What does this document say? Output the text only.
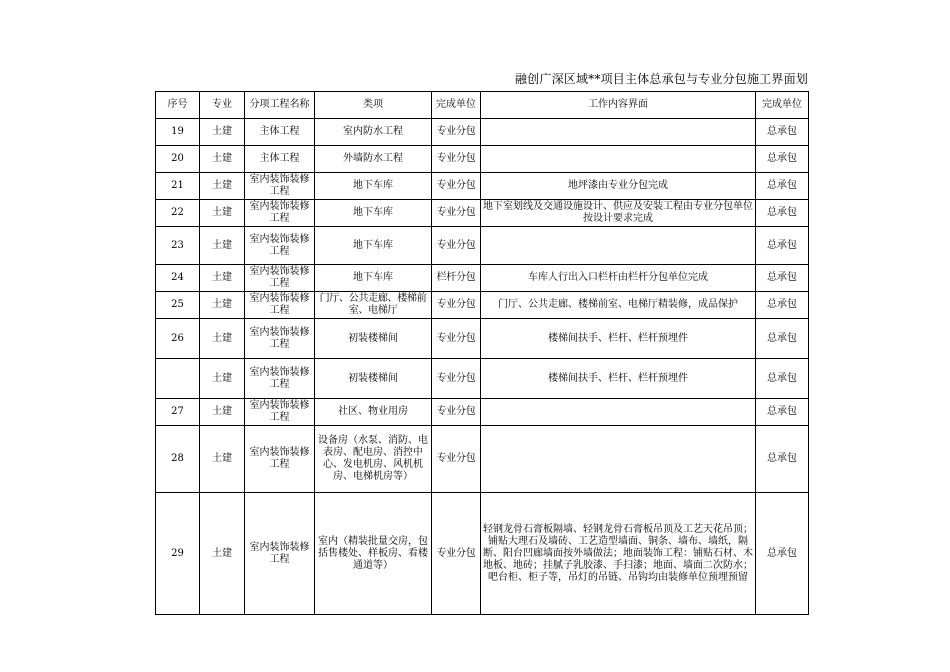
融创广深区域**项目主体总承包与专业分包施工界面划
序号	专业	分项工程名称	类项	完成单位	工作内容界面	完成单位
19	土建	主体工程	室内防水工程	专业分包		总承包
20	土建	主体工程	外墙防水工程	专业分包		总承包
21	土建	室内装饰装修工程	地下车库	专业分包	地坪漆由专业分包完成	总承包
22	土建	室内装饰装修工程	地下车库	专业分包	地下室划线及交通设施设计、供应及安装工程由专业分包单位按设计要求完成	总承包
23	土建	室内装饰装修工程	地下车库	专业分包		总承包
24	土建	室内装饰装修工程	地下车库	栏杆分包	车库人行出入口栏杆由栏杆分包单位完成	总承包
25	土建	室内装饰装修工程	门厅、公共走廊、楼梯前室、电梯厅	专业分包	门厅、公共走廊、楼梯前室、电梯厅精装修，成品保护	总承包
26	土建	室内装饰装修工程	初装楼梯间	专业分包	楼梯间扶手、栏杆、栏杆预埋件	总承包
	土建	室内装饰装修工程	初装楼梯间	专业分包	楼梯间扶手、栏杆、栏杆预埋件	总承包
27	土建	室内装饰装修工程	社区、物业用房	专业分包		总承包
28	土建	室内装饰装修工程	设备房（水泵、消防、电表房、配电房、消控中心、发电机房、风机机房、电梯机房等）	专业分包		总承包
29	土建	室内装饰装修工程	室内（精装批量交房，包括售楼处、样板房、看楼通道等）	专业分包	轻钢龙骨石膏板隔墙、轻钢龙骨石膏板吊顶及工艺天花吊顶；铺贴大理石及墙砖、工艺造型墙面、铜条、墙布、墙纸，隔断、阳台凹廊墙面按外墙做法；地面装饰工程：铺贴石材、木地板、地砖；挂腻子乳胶漆、手扫漆；地面、墙面二次防水；吧台柜、柜子等，吊灯的吊链、吊钩均由装修单位预埋预留	总承包
